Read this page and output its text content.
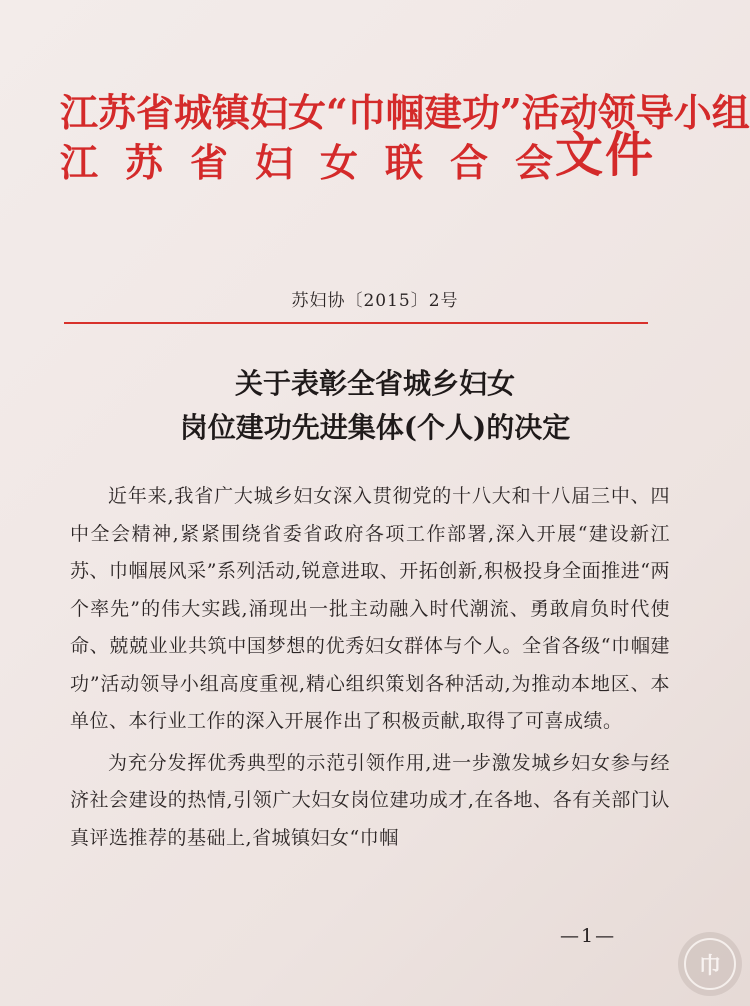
江苏省城镇妇女“巾帼建功”活动领导小组
江苏省妇女联合会
文件
苏妇协〔2015〕2号
关于表彰全省城乡妇女
岗位建功先进集体(个人)的决定

近年来,我省广大城乡妇女深入贯彻党的十八大和十八届三中、四中全会精神,紧紧围绕省委省政府各项工作部署,深入开展“建设新江苏、巾帼展风采”系列活动,锐意进取、开拓创新,积极投身全面推进“两个率先”的伟大实践,涌现出一批主动融入时代潮流、勇敢肩负时代使命、兢兢业业共筑中国梦想的优秀妇女群体与个人。全省各级“巾帼建功”活动领导小组高度重视,精心组织策划各种活动,为推动本地区、本单位、本行业工作的深入开展作出了积极贡献,取得了可喜成绩。

为充分发挥优秀典型的示范引领作用,进一步激发城乡妇女参与经济社会建设的热情,引领广大妇女岗位建功成才,在各地、各有关部门认真评选推荐的基础上,省城镇妇女“巾帼

—1—
巾
